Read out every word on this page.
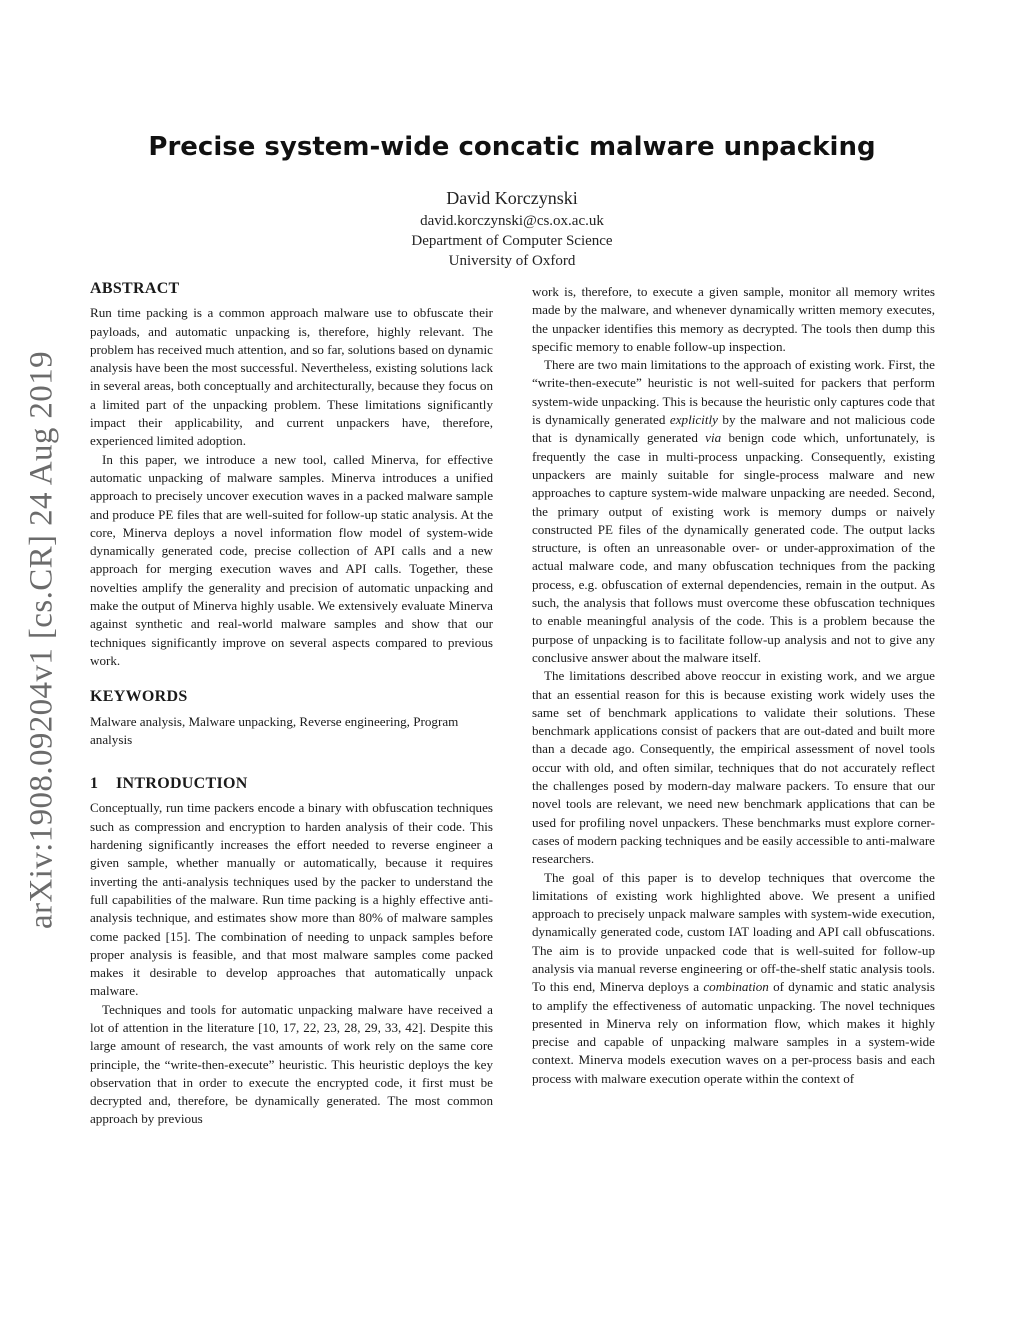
arXiv:1908.09204v1 [cs.CR] 24 Aug 2019
Precise system-wide concatic malware unpacking
David Korczynski
david.korczynski@cs.ox.ac.uk
Department of Computer Science
University of Oxford
ABSTRACT

Run time packing is a common approach malware use to obfuscate their payloads, and automatic unpacking is, therefore, highly relevant. The problem has received much attention, and so far, solutions based on dynamic analysis have been the most successful. Nevertheless, existing solutions lack in several areas, both conceptually and architecturally, because they focus on a limited part of the unpacking problem. These limitations significantly impact their applicability, and current unpackers have, therefore, experienced limited adoption.

In this paper, we introduce a new tool, called Minerva, for effective automatic unpacking of malware samples. Minerva introduces a unified approach to precisely uncover execution waves in a packed malware sample and produce PE files that are well-suited for follow-up static analysis. At the core, Minerva deploys a novel information flow model of system-wide dynamically generated code, precise collection of API calls and a new approach for merging execution waves and API calls. Together, these novelties amplify the generality and precision of automatic unpacking and make the output of Minerva highly usable. We extensively evaluate Minerva against synthetic and real-world malware samples and show that our techniques significantly improve on several aspects compared to previous work.

KEYWORDS

Malware analysis, Malware unpacking, Reverse engineering, Program analysis

1 INTRODUCTION

Conceptually, run time packers encode a binary with obfuscation techniques such as compression and encryption to harden analysis of their code. This hardening significantly increases the effort needed to reverse engineer a given sample, whether manually or automatically, because it requires inverting the anti-analysis techniques used by the packer to understand the full capabilities of the malware. Run time packing is a highly effective anti-analysis technique, and estimates show more than 80% of malware samples come packed [15]. The combination of needing to unpack samples before proper analysis is feasible, and that most malware samples come packed makes it desirable to develop approaches that automatically unpack malware.

Techniques and tools for automatic unpacking malware have received a lot of attention in the literature [10, 17, 22, 23, 28, 29, 33, 42]. Despite this large amount of research, the vast amounts of work rely on the same core principle, the “write-then-execute” heuristic. This heuristic deploys the key observation that in order to execute the encrypted code, it first must be decrypted and, therefore, be dynamically generated. The most common approach by previous

work is, therefore, to execute a given sample, monitor all memory writes made by the malware, and whenever dynamically written memory executes, the unpacker identifies this memory as decrypted. The tools then dump this specific memory to enable follow-up inspection.

There are two main limitations to the approach of existing work. First, the “write-then-execute” heuristic is not well-suited for packers that perform system-wide unpacking. This is because the heuristic only captures code that is dynamically generated explicitly by the malware and not malicious code that is dynamically generated via benign code which, unfortunately, is frequently the case in multi-process unpacking. Consequently, existing unpackers are mainly suitable for single-process malware and new approaches to capture system-wide malware unpacking are needed. Second, the primary output of existing work is memory dumps or naively constructed PE files of the dynamically generated code. The output lacks structure, is often an unreasonable over- or under-approximation of the actual malware code, and many obfuscation techniques from the packing process, e.g. obfuscation of external dependencies, remain in the output. As such, the analysis that follows must overcome these obfuscation techniques to enable meaningful analysis of the code. This is a problem because the purpose of unpacking is to facilitate follow-up analysis and not to give any conclusive answer about the malware itself.

The limitations described above reoccur in existing work, and we argue that an essential reason for this is because existing work widely uses the same set of benchmark applications to validate their solutions. These benchmark applications consist of packers that are out-dated and built more than a decade ago. Consequently, the empirical assessment of novel tools occur with old, and often similar, techniques that do not accurately reflect the challenges posed by modern-day malware packers. To ensure that our novel tools are relevant, we need new benchmark applications that can be used for profiling novel unpackers. These benchmarks must explore corner-cases of modern packing techniques and be easily accessible to anti-malware researchers.

The goal of this paper is to develop techniques that overcome the limitations of existing work highlighted above. We present a unified approach to precisely unpack malware samples with system-wide execution, dynamically generated code, custom IAT loading and API call obfuscations. The aim is to provide unpacked code that is well-suited for follow-up analysis via manual reverse engineering or off-the-shelf static analysis tools. To this end, Minerva deploys a combination of dynamic and static analysis to amplify the effectiveness of automatic unpacking. The novel techniques presented in Minerva rely on information flow, which makes it highly precise and capable of unpacking malware samples in a system-wide context. Minerva models execution waves on a per-process basis and each process with malware execution operate within the context of
